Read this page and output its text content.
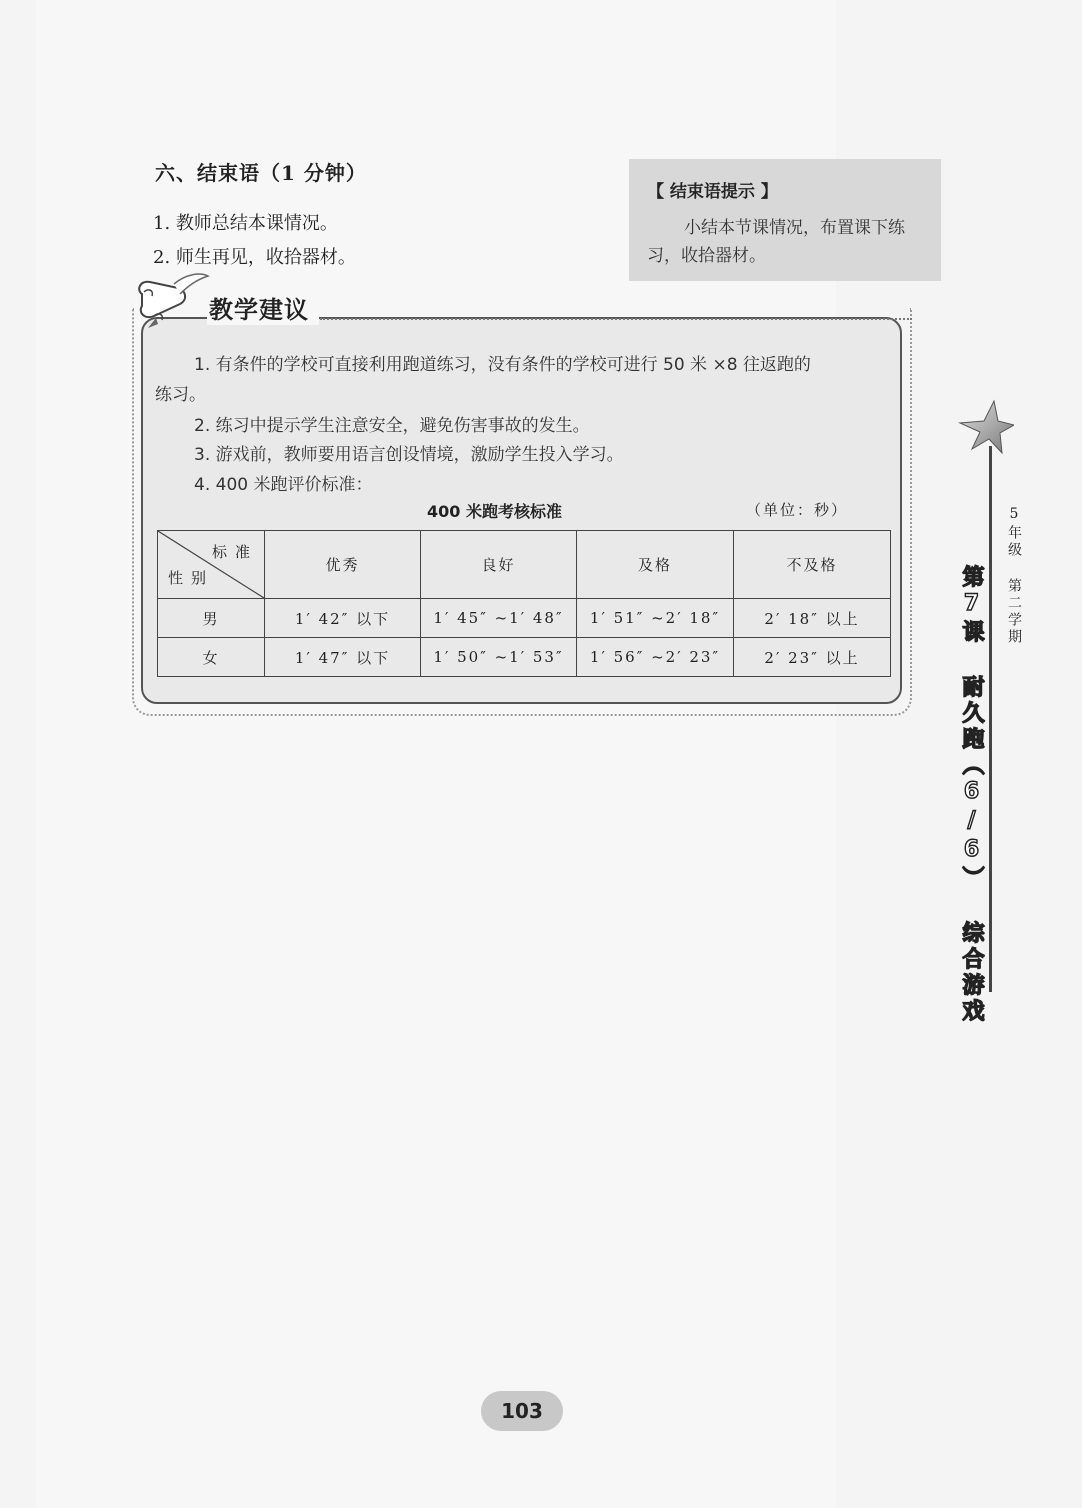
六、结束语（1 分钟）
1. 教师总结本课情况。
2. 师生再见，收拾器材。
【 结束语提示 】
小结本节课情况，布置课下练习，收拾器材。
教学建议
1. 有条件的学校可直接利用跑道练习，没有条件的学校可进行 50 米 ×8 往返跑的
练习。
2. 练习中提示学生注意安全，避免伤害事故的发生。
3. 游戏前，教师要用语言创设情境，激励学生投入学习。
4. 400 米跑评价标准：
400 米跑考核标准	（单位：秒）
标准
性别	优秀	良好	及格	不及格
男	1′ 42″ 以下	1′ 45″ ~1′ 48″	1′ 51″ ~2′ 18″	2′ 18″ 以上
女	1′ 47″ 以下	1′ 50″ ~1′ 53″	1′ 56″ ~2′ 23″	2′ 23″ 以上
5年级 第二学期
第7课 耐久跑（6/6） 综合游戏
103
